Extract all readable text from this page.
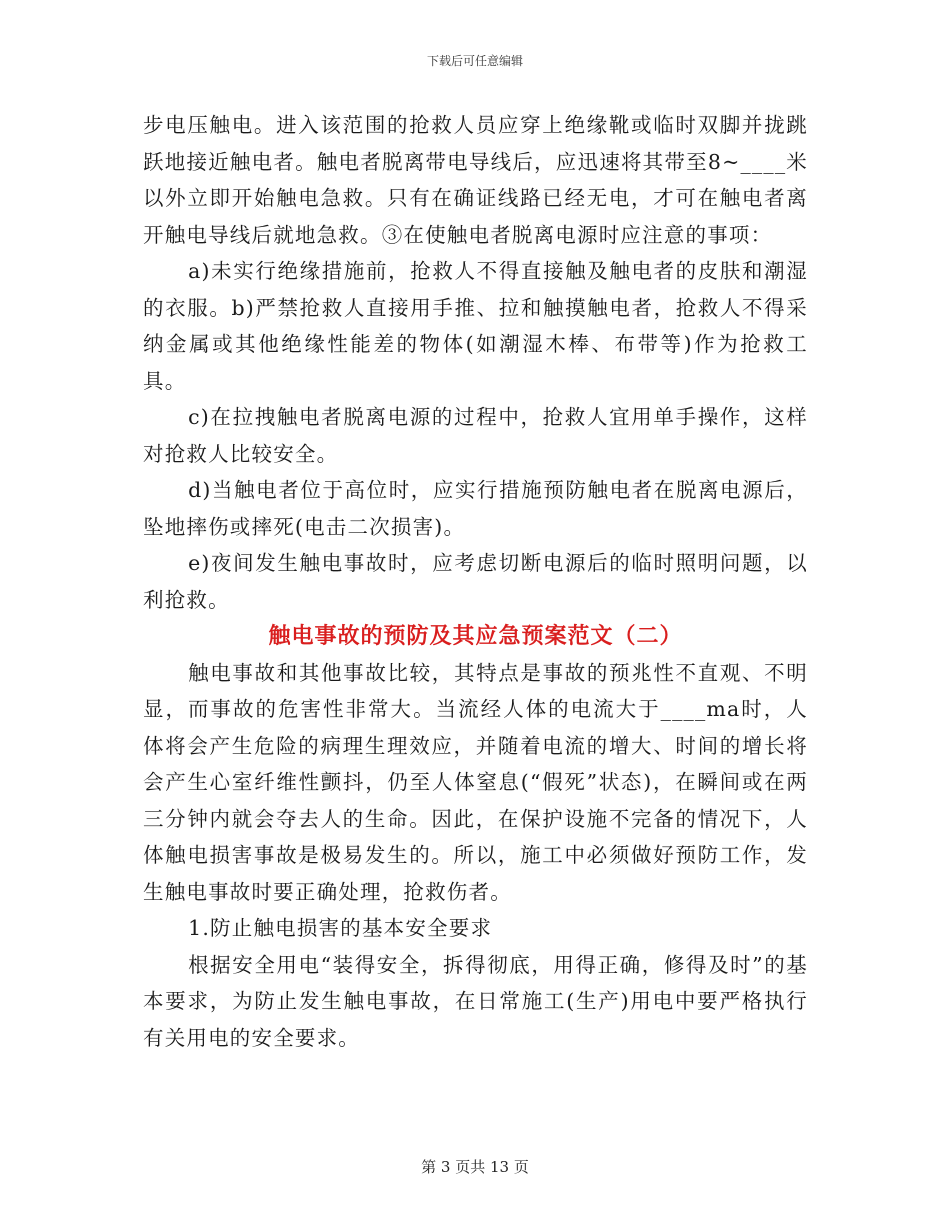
下载后可任意编辑

步电压触电。进入该范围的抢救人员应穿上绝缘靴或临时双脚并拢跳跃地接近触电者。触电者脱离带电导线后，应迅速将其带至8~____米以外立即开始触电急救。只有在确证线路已经无电，才可在触电者离开触电导线后就地急救。③在使触电者脱离电源时应注意的事项：

a)未实行绝缘措施前，抢救人不得直接触及触电者的皮肤和潮湿的衣服。b)严禁抢救人直接用手推、拉和触摸触电者，抢救人不得采纳金属或其他绝缘性能差的物体(如潮湿木棒、布带等)作为抢救工具。

c)在拉拽触电者脱离电源的过程中，抢救人宜用单手操作，这样对抢救人比较安全。

d)当触电者位于高位时，应实行措施预防触电者在脱离电源后，坠地摔伤或摔死(电击二次损害)。

e)夜间发生触电事故时，应考虑切断电源后的临时照明问题，以利抢救。

触电事故的预防及其应急预案范文（二）

触电事故和其他事故比较，其特点是事故的预兆性不直观、不明显，而事故的危害性非常大。当流经人体的电流大于____ma时，人体将会产生危险的病理生理效应，并随着电流的增大、时间的增长将会产生心室纤维性颤抖，仍至人体窒息(“假死”状态)，在瞬间或在两三分钟内就会夺去人的生命。因此，在保护设施不完备的情况下，人体触电损害事故是极易发生的。所以，施工中必须做好预防工作，发生触电事故时要正确处理，抢救伤者。

1.防止触电损害的基本安全要求

根据安全用电“装得安全，拆得彻底，用得正确，修得及时”的基本要求，为防止发生触电事故，在日常施工(生产)用电中要严格执行有关用电的安全要求。

第 3 页共 13 页
